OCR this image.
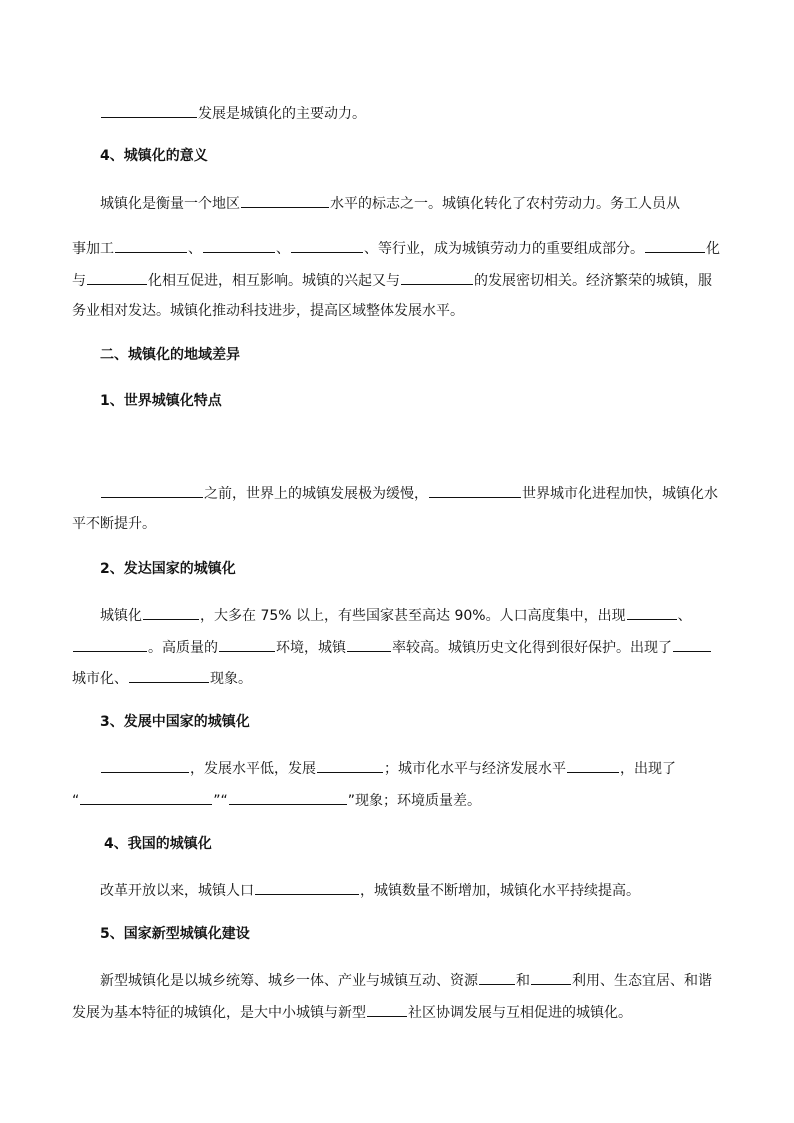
发展是城镇化的主要动力。
4、城镇化的意义
城镇化是衡量一个地区	水平的标志之一。城镇化转化了农村劳动力。务工人员从
事加工	、	、	、等行业，成为城镇劳动力的重要组成部分。	化
与	化相互促进，相互影响。城镇的兴起又与	的发展密切相关。经济繁荣的城镇，服
务业相对发达。城镇化推动科技进步，提高区域整体发展水平。
二、城镇化的地域差异
1、世界城镇化特点
之前，世界上的城镇发展极为缓慢，	世界城市化进程加快，城镇化水
平不断提升。
2、发达国家的城镇化
城镇化	，大多在 75% 以上，有些国家甚至高达 90%。人口高度集中，出现	、
。高质量的	环境，城镇	率较高。城镇历史文化得到很好保护。出现了
城市化、	现象。
3、发展中国家的城镇化
，发展水平低，发展	；城市化水平与经济发展水平	，出现了
“	”“	”现象；环境质量差。
4、我国的城镇化
改革开放以来，城镇人口	，城镇数量不断增加，城镇化水平持续提高。
5、国家新型城镇化建设
新型城镇化是以城乡统筹、城乡一体、产业与城镇互动、资源	和	利用、生态宜居、和谐
发展为基本特征的城镇化，是大中小城镇与新型	社区协调发展与互相促进的城镇化。
